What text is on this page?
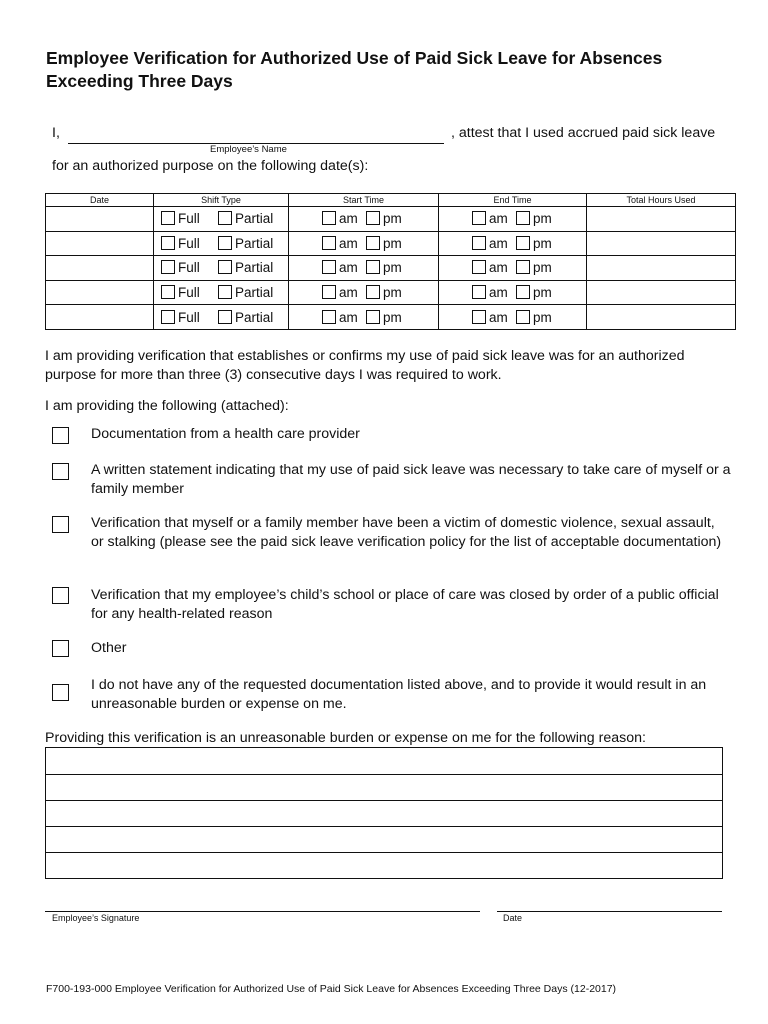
Employee Verification for Authorized Use of Paid Sick Leave for Absences Exceeding Three Days
I,
Employee’s Name
, attest that I used accrued paid sick leave
for an authorized purpose on the following date(s):
Date	Shift Type	Start Time	End Time	Total Hours Used
	Full Partial	am pm	am pm	
	Full Partial	am pm	am pm	
	Full Partial	am pm	am pm	
	Full Partial	am pm	am pm	
	Full Partial	am pm	am pm	
I am providing verification that establishes or confirms my use of paid sick leave was for an authorized purpose for more than three (3) consecutive days I was required to work.
I am providing the following (attached):
Documentation from a health care provider
A written statement indicating that my use of paid sick leave was necessary to take care of myself or a family member
Verification that myself or a family member have been a victim of domestic violence, sexual assault, or stalking (please see the paid sick leave verification policy for the list of acceptable documentation)
Verification that my employee’s child’s school or place of care was closed by order of a public official for any health-related reason
Other
I do not have any of the requested documentation listed above, and to provide it would result in an unreasonable burden or expense on me.
Providing this verification is an unreasonable burden or expense on me for the following reason:
Employee’s Signature	Date
F700-193-000 Employee Verification for Authorized Use of Paid Sick Leave for Absences Exceeding Three Days (12-2017)
